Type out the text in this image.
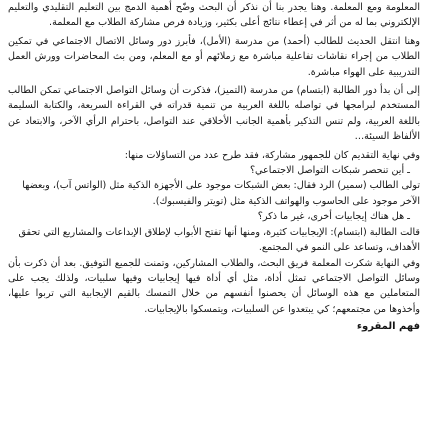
المعلومة ومع المعلمة. وهنا يجدر بنا أن نذكر أن البحث وضّح أهمية الدمج بين التعليم التقليدي والتعليم الإلكتروني بما له من أثر في إعطاء نتائج أعلى بكثير، وزيادة فرص مشاركة الطلاب مع المعلمة.

وهنا انتقل الحديث للطالب (أحمد) من مدرسة (الأمل)، فأبرز دور وسائل الاتصال الاجتماعي في تمكين الطلاب من إجراء نقاشات تفاعلية مباشرة مع زملائهم أو مع المعلم، ومن بث المحاضرات وورش العمل التدريبية على الهواء مباشرة.

إلى أن بدأ دور الطالبة (ابتسام) من مدرسة (التميز)، فذكرت أن وسائل التواصل الاجتماعي تمكن الطالب المستخدم لبرامجها في تواصله باللغة العربية من تنمية قدراته في القراءة السريعة، والكتابة السليمة باللغة العربية، ولم تنس التذكير بأهمية الجانب الأخلاقي عند التواصل، باحترام الرأي الآخر، والابتعاد عن الألفاظ السيئة…

وفي نهاية التقديم كان للجمهور مشاركة، فقد طرح عدد من التساؤلات منها:

ـ أين تنحصر شبكات التواصل الاجتماعي؟

تولى الطالب (سمير) الرد فقال: بعض الشبكات موجود على الأجهزة الذكية مثل (الواتس آب)، وبعضها الآخر موجود على الحاسوب والهواتف الذكية مثل (تويتر والفيسبوك).

ـ هل هناك إيجابيات أخرى، غير ما ذكر؟

قالت الطالبة (ابتسام): الإيجابيات كثيرة، ومنها أنها تفتح الأبواب لإطلاق الإبداعات والمشاريع التي تحقق الأهداف، وتساعد على النمو في المجتمع.

وفي النهاية شكرت المعلمة فريق البحث، والطلاب المشاركين، وتمنت للجميع التوفيق. بعد أن ذكرت بأن وسائل التواصل الاجتماعي تمثل أداة، مثل أي أداة فيها إيجابيات وفيها سلبيات، ولذلك يجب على المتعاملين مع هذه الوسائل أن يحصنوا أنفسهم من خلال التمسك بالقيم الإيجابية التي تربوا عليها، وأخذوها من مجتمعهم؛ كي يبتعدوا عن السلبيات، ويتمسكوا بالإيجابيات.

فهم المقروء
